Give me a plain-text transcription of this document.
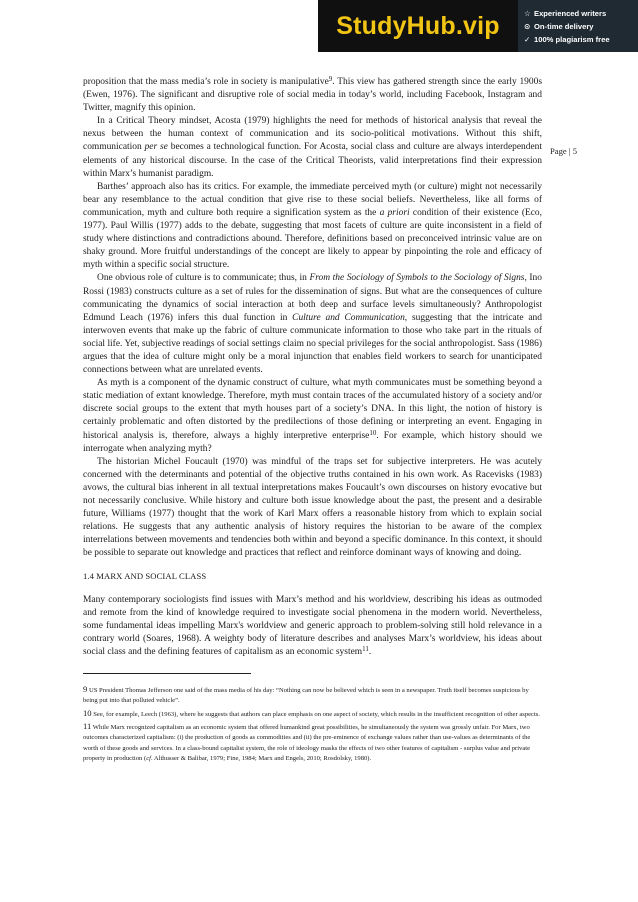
StudyHub.vip	☆ Experienced writers
⊙ On-time delivery
✓ 100% plagiarism free
Page | 5

proposition that the mass media’s role in society is manipulative$^9$. This view has gathered strength since the early 1900s (Ewen, 1976). The significant and disruptive role of social media in today’s world, including Facebook, Instagram and Twitter, magnify this opinion.

In a Critical Theory mindset, Acosta (1979) highlights the need for methods of historical analysis that reveal the nexus between the human context of communication and its socio-political motivations. Without this shift, communication per se becomes a technological function. For Acosta, social class and culture are always interdependent elements of any historical discourse. In the case of the Critical Theorists, valid interpretations find their expression within Marx’s humanist paradigm.

Barthes’ approach also has its critics. For example, the immediate perceived myth (or culture) might not necessarily bear any resemblance to the actual condition that give rise to these social beliefs. Nevertheless, like all forms of communication, myth and culture both require a signification system as the a priori condition of their existence (Eco, 1977). Paul Willis (1977) adds to the debate, suggesting that most facets of culture are quite inconsistent in a field of study where distinctions and contradictions abound. Therefore, definitions based on preconceived intrinsic value are on shaky ground. More fruitful understandings of the concept are likely to appear by pinpointing the role and efficacy of myth within a specific social structure.

One obvious role of culture is to communicate; thus, in From the Sociology of Symbols to the Sociology of Signs, Ino Rossi (1983) constructs culture as a set of rules for the dissemination of signs. But what are the consequences of culture communicating the dynamics of social interaction at both deep and surface levels simultaneously? Anthropologist Edmund Leach (1976) infers this dual function in Culture and Communication, suggesting that the intricate and interwoven events that make up the fabric of culture communicate information to those who take part in the rituals of social life. Yet, subjective readings of social settings claim no special privileges for the social anthropologist. Sass (1986) argues that the idea of culture might only be a moral injunction that enables field workers to search for unanticipated connections between what are unrelated events.

As myth is a component of the dynamic construct of culture, what myth communicates must be something beyond a static mediation of extant knowledge. Therefore, myth must contain traces of the accumulated history of a society and/or discrete social groups to the extent that myth houses part of a society’s DNA. In this light, the notion of history is certainly problematic and often distorted by the predilections of those defining or interpreting an event. Engaging in historical analysis is, therefore, always a highly interpretive enterprise$^{10}$. For example, which history should we interrogate when analyzing myth?

The historian Michel Foucault (1970) was mindful of the traps set for subjective interpreters. He was acutely concerned with the determinants and potential of the objective truths contained in his own work. As Racevisks (1983) avows, the cultural bias inherent in all textual interpretations makes Foucault’s own discourses on history evocative but not necessarily conclusive. While history and culture both issue knowledge about the past, the present and a desirable future, Williams (1977) thought that the work of Karl Marx offers a reasonable history from which to explain social relations. He suggests that any authentic analysis of history requires the historian to be aware of the complex interrelations between movements and tendencies both within and beyond a specific dominance. In this context, it should be possible to separate out knowledge and practices that reflect and reinforce dominant ways of knowing and doing.

1.4 MARX AND SOCIAL CLASS

Many contemporary sociologists find issues with Marx’s method and his worldview, describing his ideas as outmoded and remote from the kind of knowledge required to investigate social phenomena in the modern world. Nevertheless, some fundamental ideas impelling Marx's worldview and generic approach to problem-solving still hold relevance in a contrary world (Soares, 1968). A weighty body of literature describes and analyses Marx’s worldview, his ideas about social class and the defining features of capitalism as an economic system$^{11}$.

9 US President Thomas Jefferson one said of the mass media of his day: “Nothing can now be believed which is seen in a newspaper. Truth itself becomes suspicious by being put into that polluted vehicle”.

10 See, for example, Leech (1963), where he suggests that authors can place emphasis on one aspect of society, which results in the insufficient recognition of other aspects.

11 While Marx recognized capitalism as an economic system that offered humankind great possibilities, he simultaneously the system was grossly unfair. For Marx, two outcomes characterized capitalism: (i) the production of goods as commodities and (ii) the pre-eminence of exchange values rather than use-values as determinants of the worth of these goods and services. In a class-bound capitalist system, the role of ideology masks the effects of two other features of capitalism - surplus value and private property in production (cf. Althusser & Balibar, 1979; Fine, 1984; Marx and Engels, 2010; Rosdolsky, 1980).
